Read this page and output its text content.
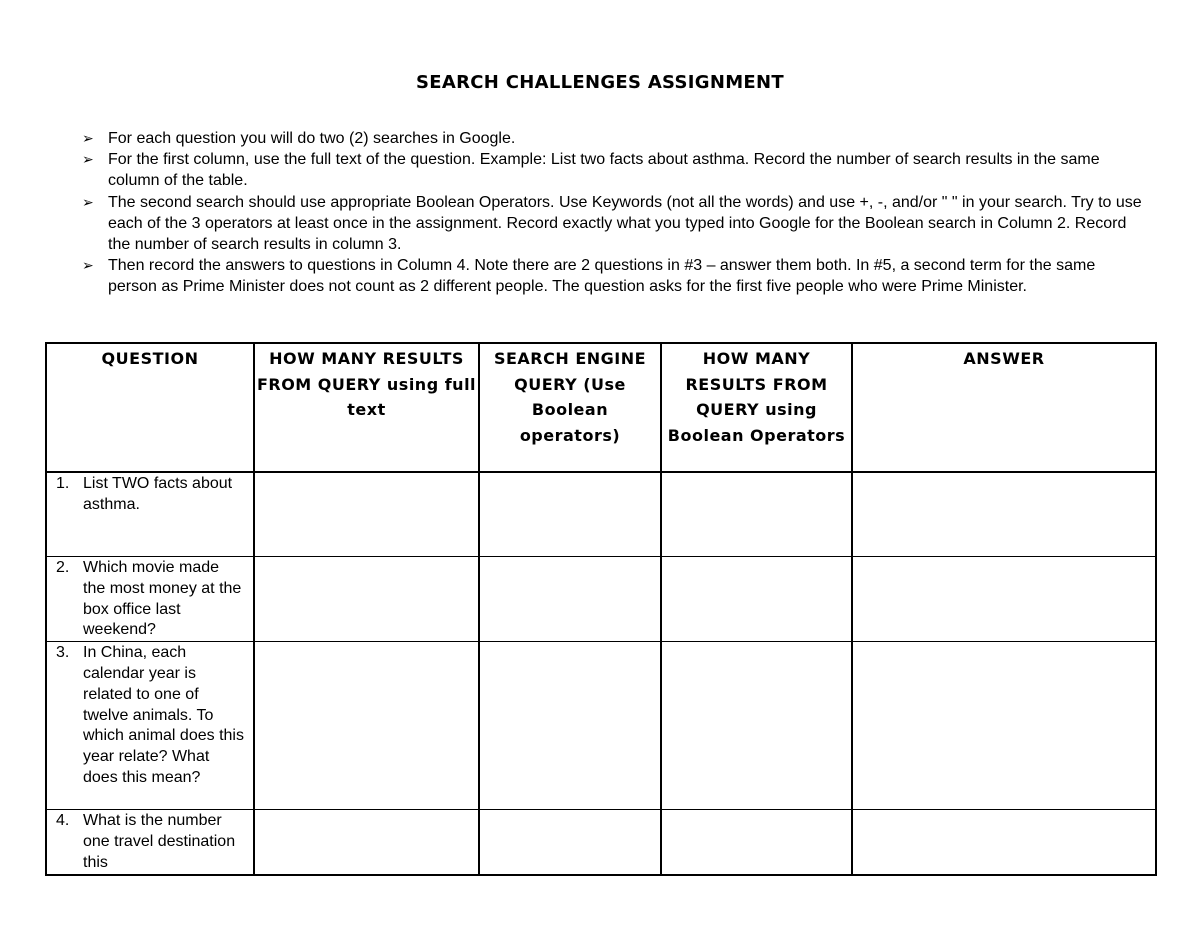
SEARCH CHALLENGES ASSIGNMENT
➢ For each question you will do two (2) searches in Google.
➢ For the first column, use the full text of the question. Example: List two facts about asthma. Record the number of search results in the same column of the table.
➢ The second search should use appropriate Boolean Operators. Use Keywords (not all the words) and use +, -, and/or " " in your search. Try to use each of the 3 operators at least once in the assignment. Record exactly what you typed into Google for the Boolean search in Column 2. Record the number of search results in column 3.
➢ Then record the answers to questions in Column 4. Note there are 2 questions in #3 – answer them both. In #5, a second term for the same person as Prime Minister does not count as 2 different people. The question asks for the first five people who were Prime Minister.
QUESTION	HOW MANY RESULTS FROM QUERY using full text	SEARCH ENGINE QUERY (Use Boolean operators)	HOW MANY RESULTS FROM QUERY using Boolean Operators	ANSWER

1. List TWO facts about asthma.				

2. Which movie made the most money at the box office last weekend?				

3. In China, each calendar year is related to one of twelve animals. To which animal does this year relate? What does this mean?				

4. What is the number one travel destination this				
